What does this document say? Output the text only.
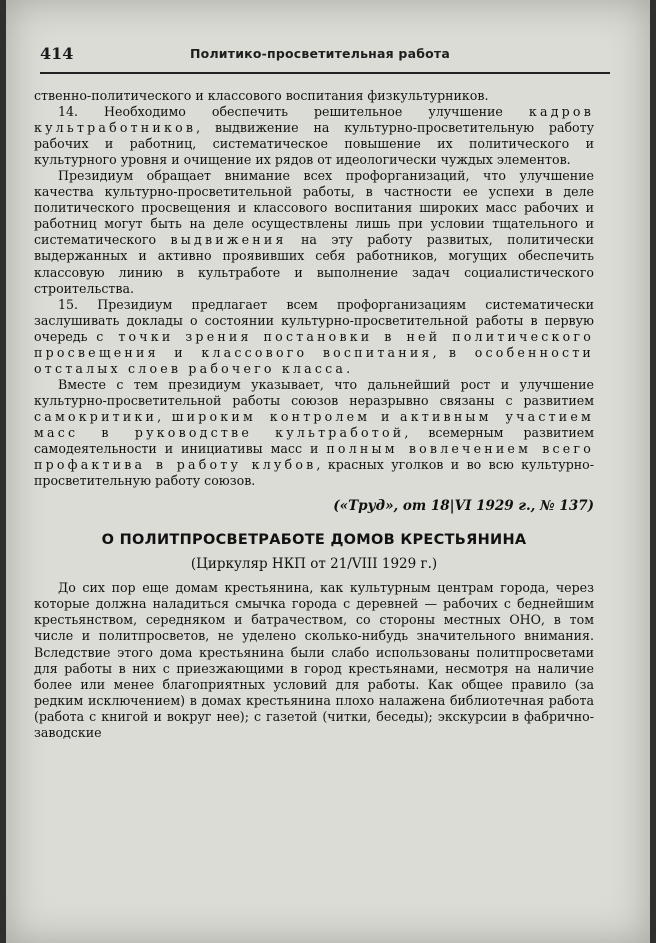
414	Политико-просветительная работа

ственно-политического и классового воспитания физкультурников.

14. Необходимо обеспечить решительное улучшение кадров культработников, выдвижение на культурно-просветительную работу рабочих и работниц, систематическое повышение их политического и культурного уровня и очищение их рядов от идеологически чуждых элементов.

Президиум обращает внимание всех профорганизаций, что улучшение качества культурно-просветительной работы, в частности ее успехи в деле политического просвещения и классового воспитания широких масс рабочих и работниц могут быть на деле осуществлены лишь при условии тщательного и систематического выдвижения на эту работу развитых, политически выдержанных и активно проявивших себя работников, могущих обеспечить классовую линию в культработе и выполнение задач социалистического строительства.

15. Президиум предлагает всем профорганизациям систематически заслушивать доклады о состоянии культурно-просветительной работы в первую очередь с точки зрения постановки в ней политического просвещения и классового воспитания, в особенности отсталых слоев рабочего класса.

Вместе с тем президиум указывает, что дальнейший рост и улучшение культурно-просветительной работы союзов неразрывно связаны с развитием самокритики, широким контролем и активным участием масс в руководстве культработой, всемерным развитием самодеятельности и инициативы масс и полным вовлечением всего профактива в работу клубов, красных уголков и во всю культурно-просветительную работу союзов.

(«Труд», от 18|VI 1929 г., № 137)
О ПОЛИТПРОСВЕТРАБОТЕ ДОМОВ КРЕСТЬЯНИНА
(Циркуляр НКП от 21/VIII 1929 г.)

До сих пор еще домам крестьянина, как культурным центрам города, через которые должна наладиться смычка города с деревней — рабочих с беднейшим крестьянством, середняком и батрачеством, со стороны местных ОНО, в том числе и политпросветов, не уделено сколько-нибудь значительного внимания. Вследствие этого дома крестьянина были слабо использованы политпросветами для работы в них с приезжающими в город крестьянами, несмотря на наличие более или менее благоприятных условий для работы. Как общее правило (за редким исключением) в домах крестьянина плохо налажена библиотечная работа (работа с книгой и вокруг нее); с газетой (читки, беседы); экскурсии в фабрично-заводские
